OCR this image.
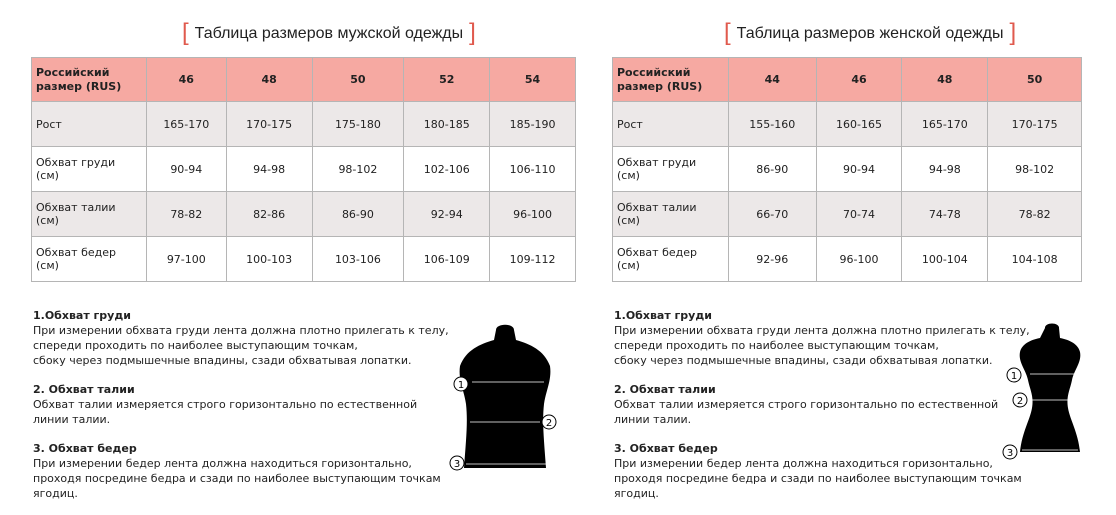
[ Таблица размеров мужской одежды ]
Российский размер (RUS)	46	48	50	52	54
Рост	165-170	170-175	175-180	180-185	185-190
Обхват груди (см)	90-94	94-98	98-102	102-106	106-110
Обхват талии (см)	78-82	82-86	86-90	92-94	96-100
Обхват бедер (см)	97-100	100-103	103-106	106-109	109-112
1.Обхват груди
При измерении обхвата груди лента должна плотно прилегать к телу,
спереди проходить по наиболее выступающим точкам,
сбоку через подмышечные впадины, сзади обхватывая лопатки.
2. Обхват талии
Обхват талии измеряется строго горизонтально по естественной
линии талии.
3. Обхват бедер
При измерении бедер лента должна находиться горизонтально,
проходя посредине бедра и сзади по наиболее выступающим точкам
ягодиц.
1
2
3
[ Таблица размеров женской одежды ]
Российский размер (RUS)	44	46	48	50
Рост	155-160	160-165	165-170	170-175
Обхват груди (см)	86-90	90-94	94-98	98-102
Обхват талии (см)	66-70	70-74	74-78	78-82
Обхват бедер (см)	92-96	96-100	100-104	104-108
1.Обхват груди
При измерении обхвата груди лента должна плотно прилегать к телу,
спереди проходить по наиболее выступающим точкам,
сбоку через подмышечные впадины, сзади обхватывая лопатки.
2. Обхват талии
Обхват талии измеряется строго горизонтально по естественной
линии талии.
3. Обхват бедер
При измерении бедер лента должна находиться горизонтально,
проходя посредине бедра и сзади по наиболее выступающим точкам
ягодиц.
1
2
3
